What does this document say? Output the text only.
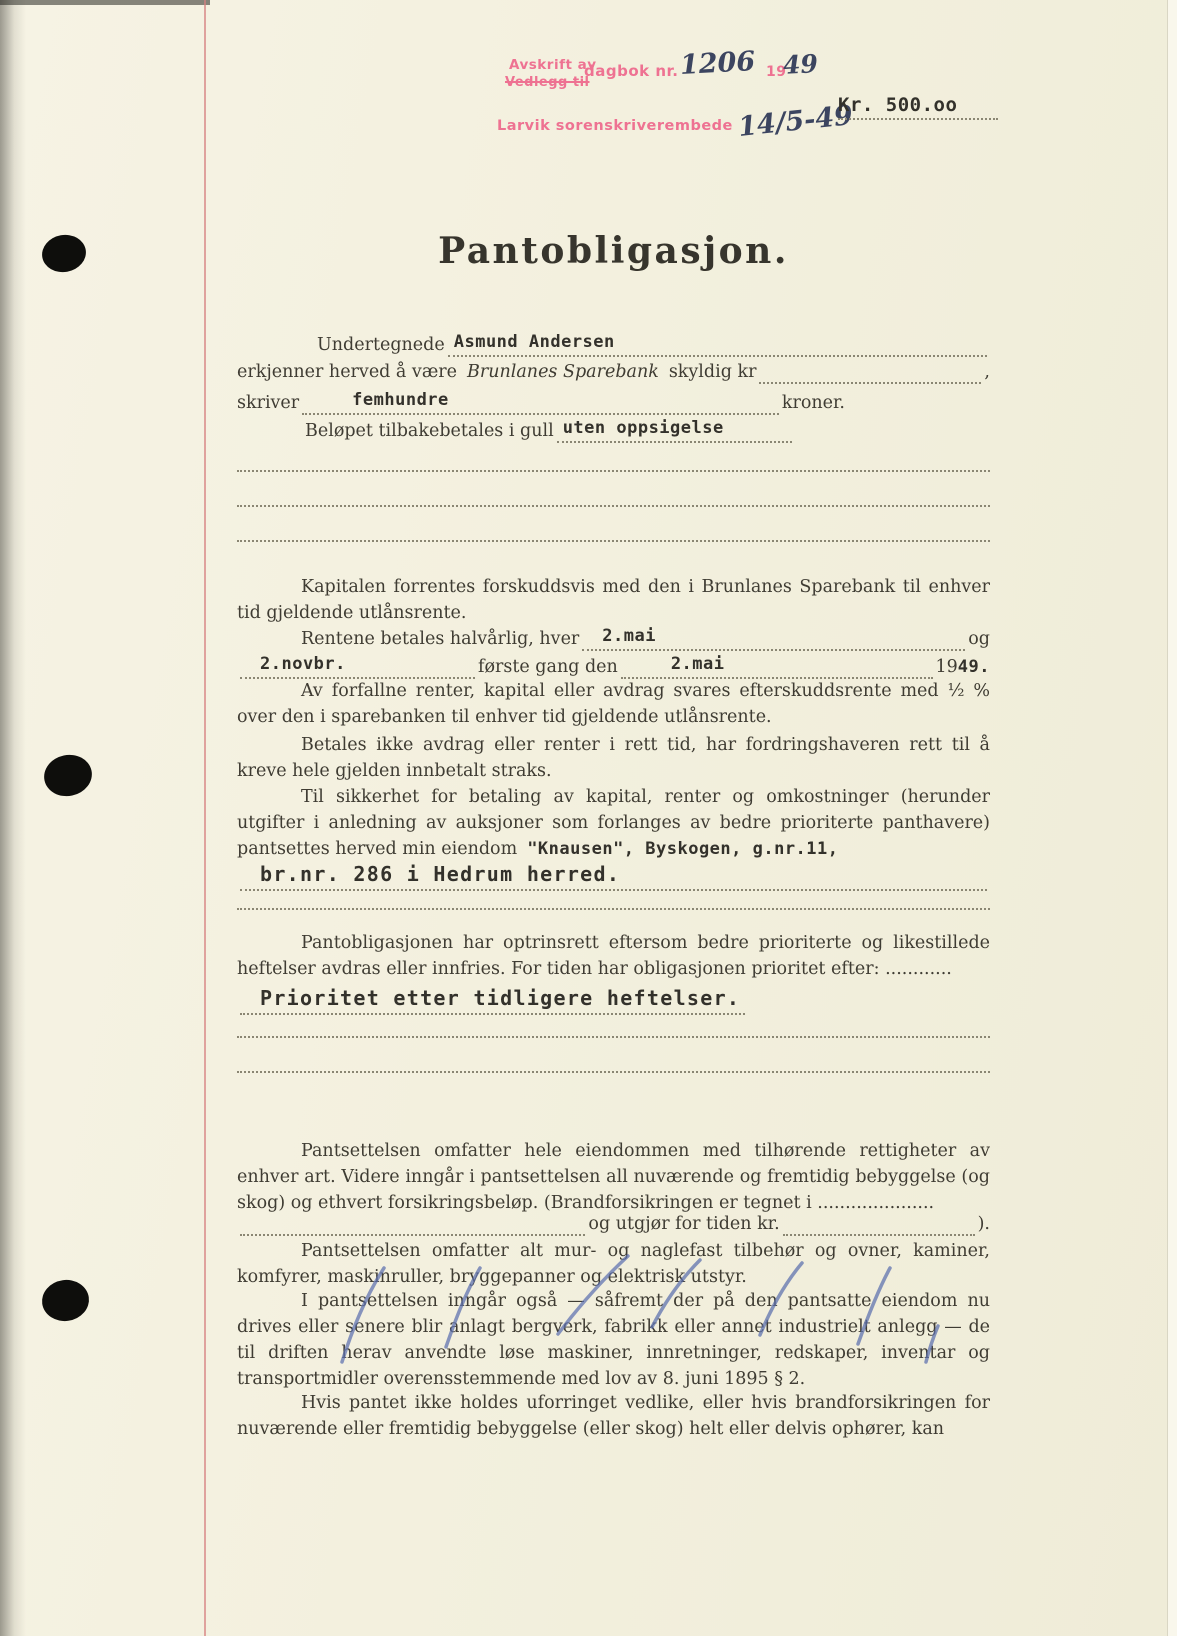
Avskrift av
Vedlegg til
dagbok nr. 1206 19
49
Larvik sorenskriverembede 14/5-49
Kr. 500.oo
Pantobligasjon.
Undertegnede Asmund Andersen
erkjenner herved å være Brunlanes Sparebank skyldig kr	,
skriver	femhundre	kroner.
Beløpet tilbakebetales i gull uten oppsigelse

Kapitalen forrentes forskuddsvis med den i Brunlanes Sparebank til enhver tid gjeldende utlånsrente.

Rentene betales halvårlig, hver	2.mai	og
2.novbr.	første gang den	2.mai	19 49.

Av forfallne renter, kapital eller avdrag svares efterskuddsrente med ½ % over den i sparebanken til enhver tid gjeldende utlånsrente.

Betales ikke avdrag eller renter i rett tid, har fordringshaveren rett til å kreve hele gjelden innbetalt straks.

Til sikkerhet for betaling av kapital, renter og omkostninger (herunder utgifter i anledning av auksjoner som forlanges av bedre prioriterte panthavere) pantsettes herved min eiendom "Knausen", Byskogen, g.nr.11,

br.nr. 286 i Hedrum herred.

Pantobligasjonen har optrinsrett eftersom bedre prioriterte og likestillede heftelser avdras eller innfries. For tiden har obligasjonen prioritet efter: ............

Prioritet etter tidligere heftelser.

Pantsettelsen omfatter hele eiendommen med tilhørende rettigheter av enhver art. Videre inngår i pantsettelsen all nuværende og fremtidig bebyggelse (og skog) og ethvert forsikringsbeløp. (Brandforsikringen er tegnet i .....................

og utgjør for tiden kr.	).

Pantsettelsen omfatter alt mur- og naglefast tilbehør og ovner, kaminer, komfyrer, maskinruller, bryggepanner og elektrisk utstyr.

I pantsettelsen inngår også — såfremt der på den pantsatte eiendom nu drives eller senere blir anlagt bergverk, fabrikk eller annet industrielt anlegg — de til driften herav anvendte løse maskiner, innretninger, redskaper, inventar og transportmidler overensstemmende med lov av 8. juni 1895 § 2.

Hvis pantet ikke holdes uforringet vedlike, eller hvis brandforsikringen for nuværende eller fremtidig bebyggelse (eller skog) helt eller delvis ophører, kan
